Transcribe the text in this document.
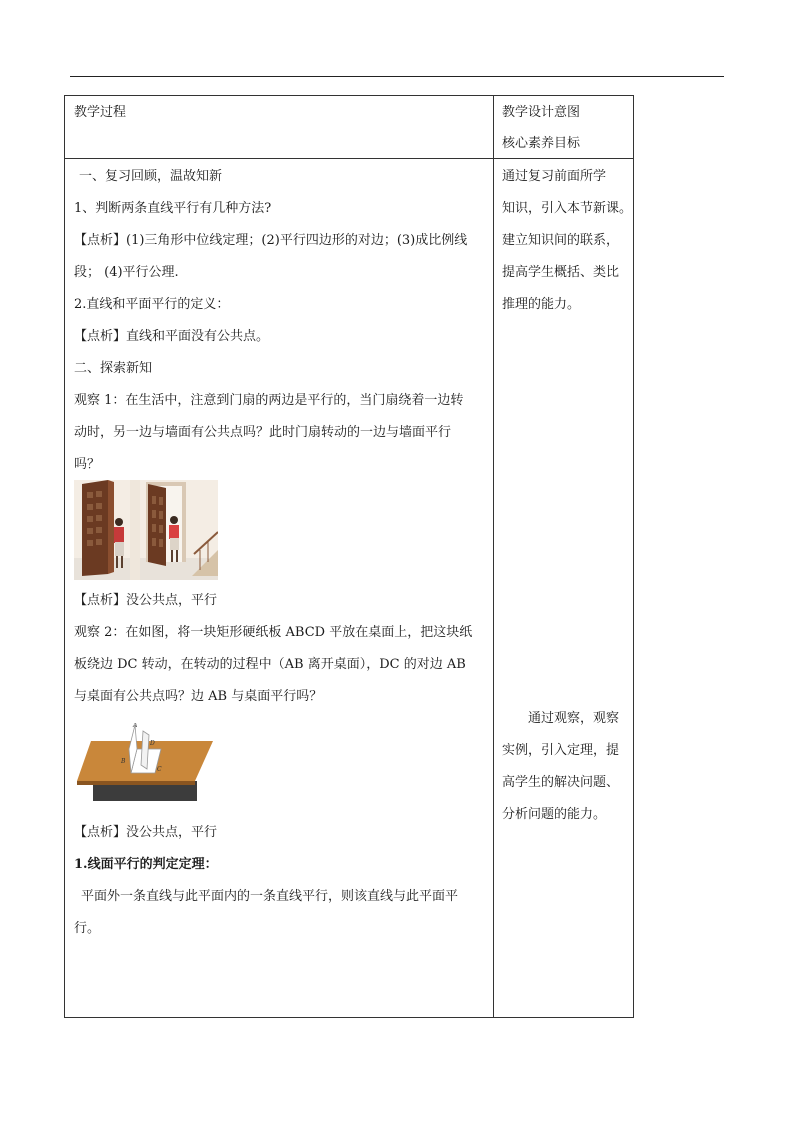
教学过程	教学设计意图
核心素养目标
一、复习回顾，温故知新
1、判断两条直线平行有几种方法?
【点析】(1)三角形中位线定理；(2)平行四边形的对边；(3)成比例线
段； (4)平行公理.
2.直线和平面平行的定义：
【点析】直线和平面没有公共点。
二、探索新知
观察 1：在生活中，注意到门扇的两边是平行的，当门扇绕着一边转
动时，另一边与墙面有公共点吗？此时门扇转动的一边与墙面平行
吗？
【点析】没公共点，平行
观察 2：在如图，将一块矩形硬纸板 ABCD 平放在桌面上，把这块纸
板绕边 DC 转动，在转动的过程中（AB 离开桌面），DC 的对边 AB
与桌面有公共点吗？边 AB 与桌面平行吗？
A
B
C
D
【点析】没公共点，平行
1.线面平行的判定定理：
平面外一条直线与此平面内的一条直线平行，则该直线与此平面平
行。
通过复习前面所学
知识，引入本节新课。
建立知识间的联系，
提高学生概括、类比
推理的能力。
通过观察，观察
实例，引入定理，提
高学生的解决问题、
分析问题的能力。
